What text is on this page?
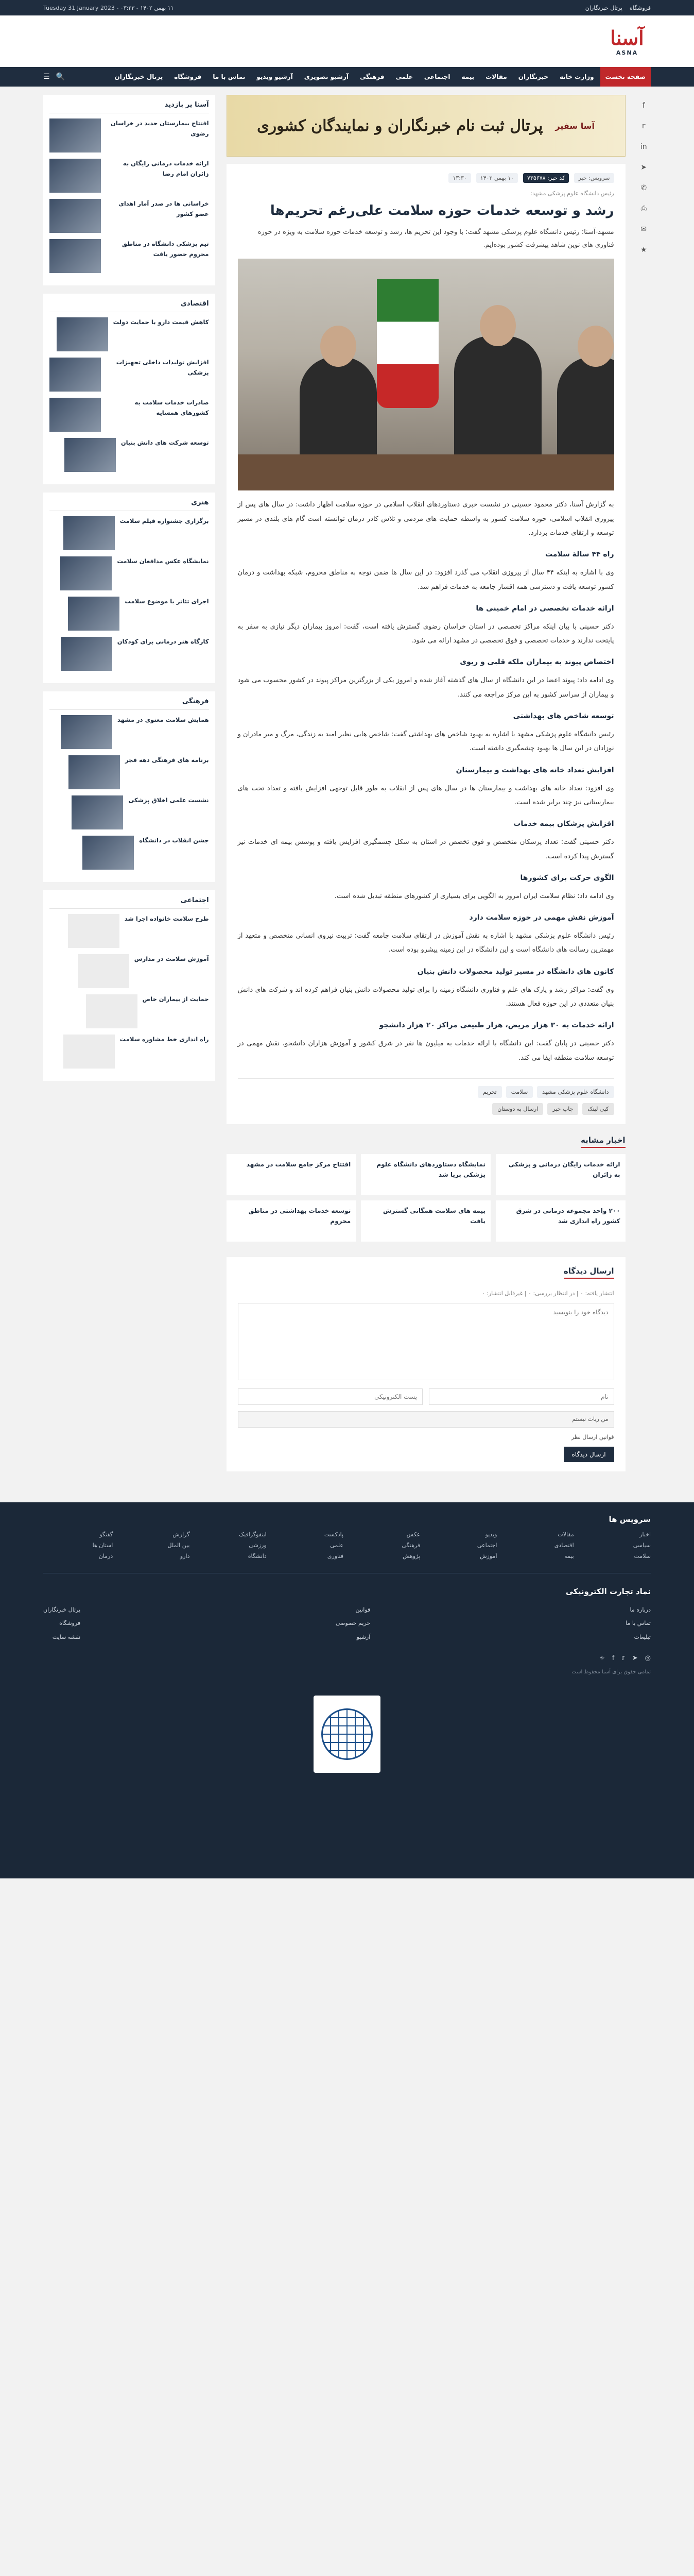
فروشگاه
پرتال خبرنگاران
۱۱ بهمن ۱۴۰۲ - ۰۳:۲۳ - Tuesday 31 January 2023
آسنا
ASNA
صفحه نخست
وزارت خانه
خبرنگاران
مقالات
بیمه
اجتماعی
علمی
فرهنگی
آرشیو تصویری
آرشیو ویدیو
تماس با ما
فروشگاه
پرتال خبرنگاران
🔍
☰
f
𝕣
in
➤
✆
⎙
✉
★
آسا سفیر
پرتال ثبت نام خبرنگاران و نمایندگان کشوری
سرویس: خبر
کد خبر: ۷۳۵۶۷۸
۱۰ بهمن ۱۴۰۲
۱۳:۳۰
رئیس دانشگاه علوم پزشکی مشهد:
رشد و توسعه خدمات حوزه سلامت علی‌رغم تحریم‌ها

مشهد-آسنا: رئیس دانشگاه علوم پزشکی مشهد گفت: با وجود این تحریم ها، رشد و توسعه خدمات حوزه سلامت به ویژه در حوزه فناوری های نوین شاهد پیشرفت کشور بوده‌ایم.

به گزارش آسنا، دکتر محمود حسینی در نشست خبری دستاوردهای انقلاب اسلامی در حوزه سلامت اظهار داشت: در سال های پس از پیروزی انقلاب اسلامی، حوزه سلامت کشور به واسطه حمایت های مردمی و تلاش کادر درمان توانسته است گام های بلندی در مسیر توسعه و ارتقای خدمات بردارد.

راه ۴۴ سالهٔ سلامت

وی با اشاره به اینکه ۴۴ سال از پیروزی انقلاب می گذرد افزود: در این سال ها ضمن توجه به مناطق محروم، شبکه بهداشت و درمان کشور توسعه یافت و دسترسی همه اقشار جامعه به خدمات فراهم شد.

ارائه خدمات تخصصی در امام خمینی ها

دکتر حسینی با بیان اینکه مراکز تخصصی در استان خراسان رضوی گسترش یافته است، گفت: امروز بیماران دیگر نیازی به سفر به پایتخت ندارند و خدمات تخصصی و فوق تخصصی در مشهد ارائه می شود.

اختصاص پیوند به بیماران ملکه قلبی و ریوی

وی ادامه داد: پیوند اعضا در این دانشگاه از سال های گذشته آغاز شده و امروز یکی از بزرگترین مراکز پیوند در کشور محسوب می شود و بیماران از سراسر کشور به این مرکز مراجعه می کنند.

توسعه شاخص های بهداشتی

رئیس دانشگاه علوم پزشکی مشهد با اشاره به بهبود شاخص های بهداشتی گفت: شاخص هایی نظیر امید به زندگی، مرگ و میر مادران و نوزادان در این سال ها بهبود چشمگیری داشته است.

افزایش تعداد خانه های بهداشت و بیمارستان

وی افزود: تعداد خانه های بهداشت و بیمارستان ها در سال های پس از انقلاب به طور قابل توجهی افزایش یافته و تعداد تخت های بیمارستانی نیز چند برابر شده است.

افزایش پزشکان بیمه خدمات

دکتر حسینی گفت: تعداد پزشکان متخصص و فوق تخصص در استان به شکل چشمگیری افزایش یافته و پوشش بیمه ای خدمات نیز گسترش پیدا کرده است.

الگوی حرکت برای کشورها

وی ادامه داد: نظام سلامت ایران امروز به الگویی برای بسیاری از کشورهای منطقه تبدیل شده است.

آموزش نقش مهمی در حوزه سلامت دارد

رئیس دانشگاه علوم پزشکی مشهد با اشاره به نقش آموزش در ارتقای سلامت جامعه گفت: تربیت نیروی انسانی متخصص و متعهد از مهمترین رسالت های دانشگاه است و این دانشگاه در این زمینه پیشرو بوده است.

کانون های دانشگاه در مسیر تولید محصولات دانش بنیان

وی گفت: مراکز رشد و پارک های علم و فناوری دانشگاه زمینه را برای تولید محصولات دانش بنیان فراهم کرده اند و شرکت های دانش بنیان متعددی در این حوزه فعال هستند.

ارائه خدمات به ۳۰ هزار مریض، هزار طبیعی مراکز ۲۰ هزار دانشجو

دکتر حسینی در پایان گفت: این دانشگاه با ارائه خدمات به میلیون ها نفر در شرق کشور و آموزش هزاران دانشجو، نقش مهمی در توسعه سلامت منطقه ایفا می کند.

دانشگاه علوم پزشکی مشهد
سلامت
تحریم
کپی لینک
چاپ خبر
ارسال به دوستان
اخبار مشابه
ارائه خدمات رایگان درمانی و پزشکی به زائران
نمایشگاه دستاوردهای دانشگاه علوم پزشکی برپا شد
افتتاح مرکز جامع سلامت در مشهد
۲۰۰ واحد مجموعه درمانی در شرق کشور راه اندازی شد
بیمه های سلامت همگانی گسترش یافت
توسعه خدمات بهداشتی در مناطق محروم
ارسال دیدگاه
انتشار یافته: ۰ | در انتظار بررسی: ۰ | غیرقابل انتشار: ۰
دیدگاه خود را بنویسید
نام
پست الکترونیکی
من ربات نیستم
قوانین ارسال نظر
ارسال دیدگاه
آسنا پر بازدید
افتتاح بیمارستان جدید در خراسان رضوی
ارائه خدمات درمانی رایگان به زائران امام رضا
خراسانی ها در صدر آمار اهدای عضو کشور
تیم پزشکی دانشگاه در مناطق محروم حضور یافت
اقتصادی
کاهش قیمت دارو با حمایت دولت
افزایش تولیدات داخلی تجهیزات پزشکی
صادرات خدمات سلامت به کشورهای همسایه
توسعه شرکت های دانش بنیان
هنری
برگزاری جشنواره فیلم سلامت
نمایشگاه عکس مدافعان سلامت
اجرای تئاتر با موضوع سلامت
کارگاه هنر درمانی برای کودکان
فرهنگی
همایش سلامت معنوی در مشهد
برنامه های فرهنگی دهه فجر
نشست علمی اخلاق پزشکی
جشن انقلاب در دانشگاه
اجتماعی
طرح سلامت خانواده اجرا شد
آموزش سلامت در مدارس
حمایت از بیماران خاص
راه اندازی خط مشاوره سلامت
سرویس ها
اخبار
مقالات
ویدیو
عکس
پادکست
اینفوگرافیک
گزارش
گفتگو
سیاسی
اقتصادی
اجتماعی
فرهنگی
علمی
ورزشی
بین الملل
استان ها
سلامت
بیمه
آموزش
پژوهش
فناوری
دانشگاه
دارو
درمان
نماد تجارت الکترونیکی
درباره ما
تماس با ما
تبلیغات
قوانین
حریم خصوصی
آرشیو
پرتال خبرنگاران
فروشگاه
نقشه سایت
◎
➤
𝕣
f
∻
تمامی حقوق برای آسنا محفوظ است
